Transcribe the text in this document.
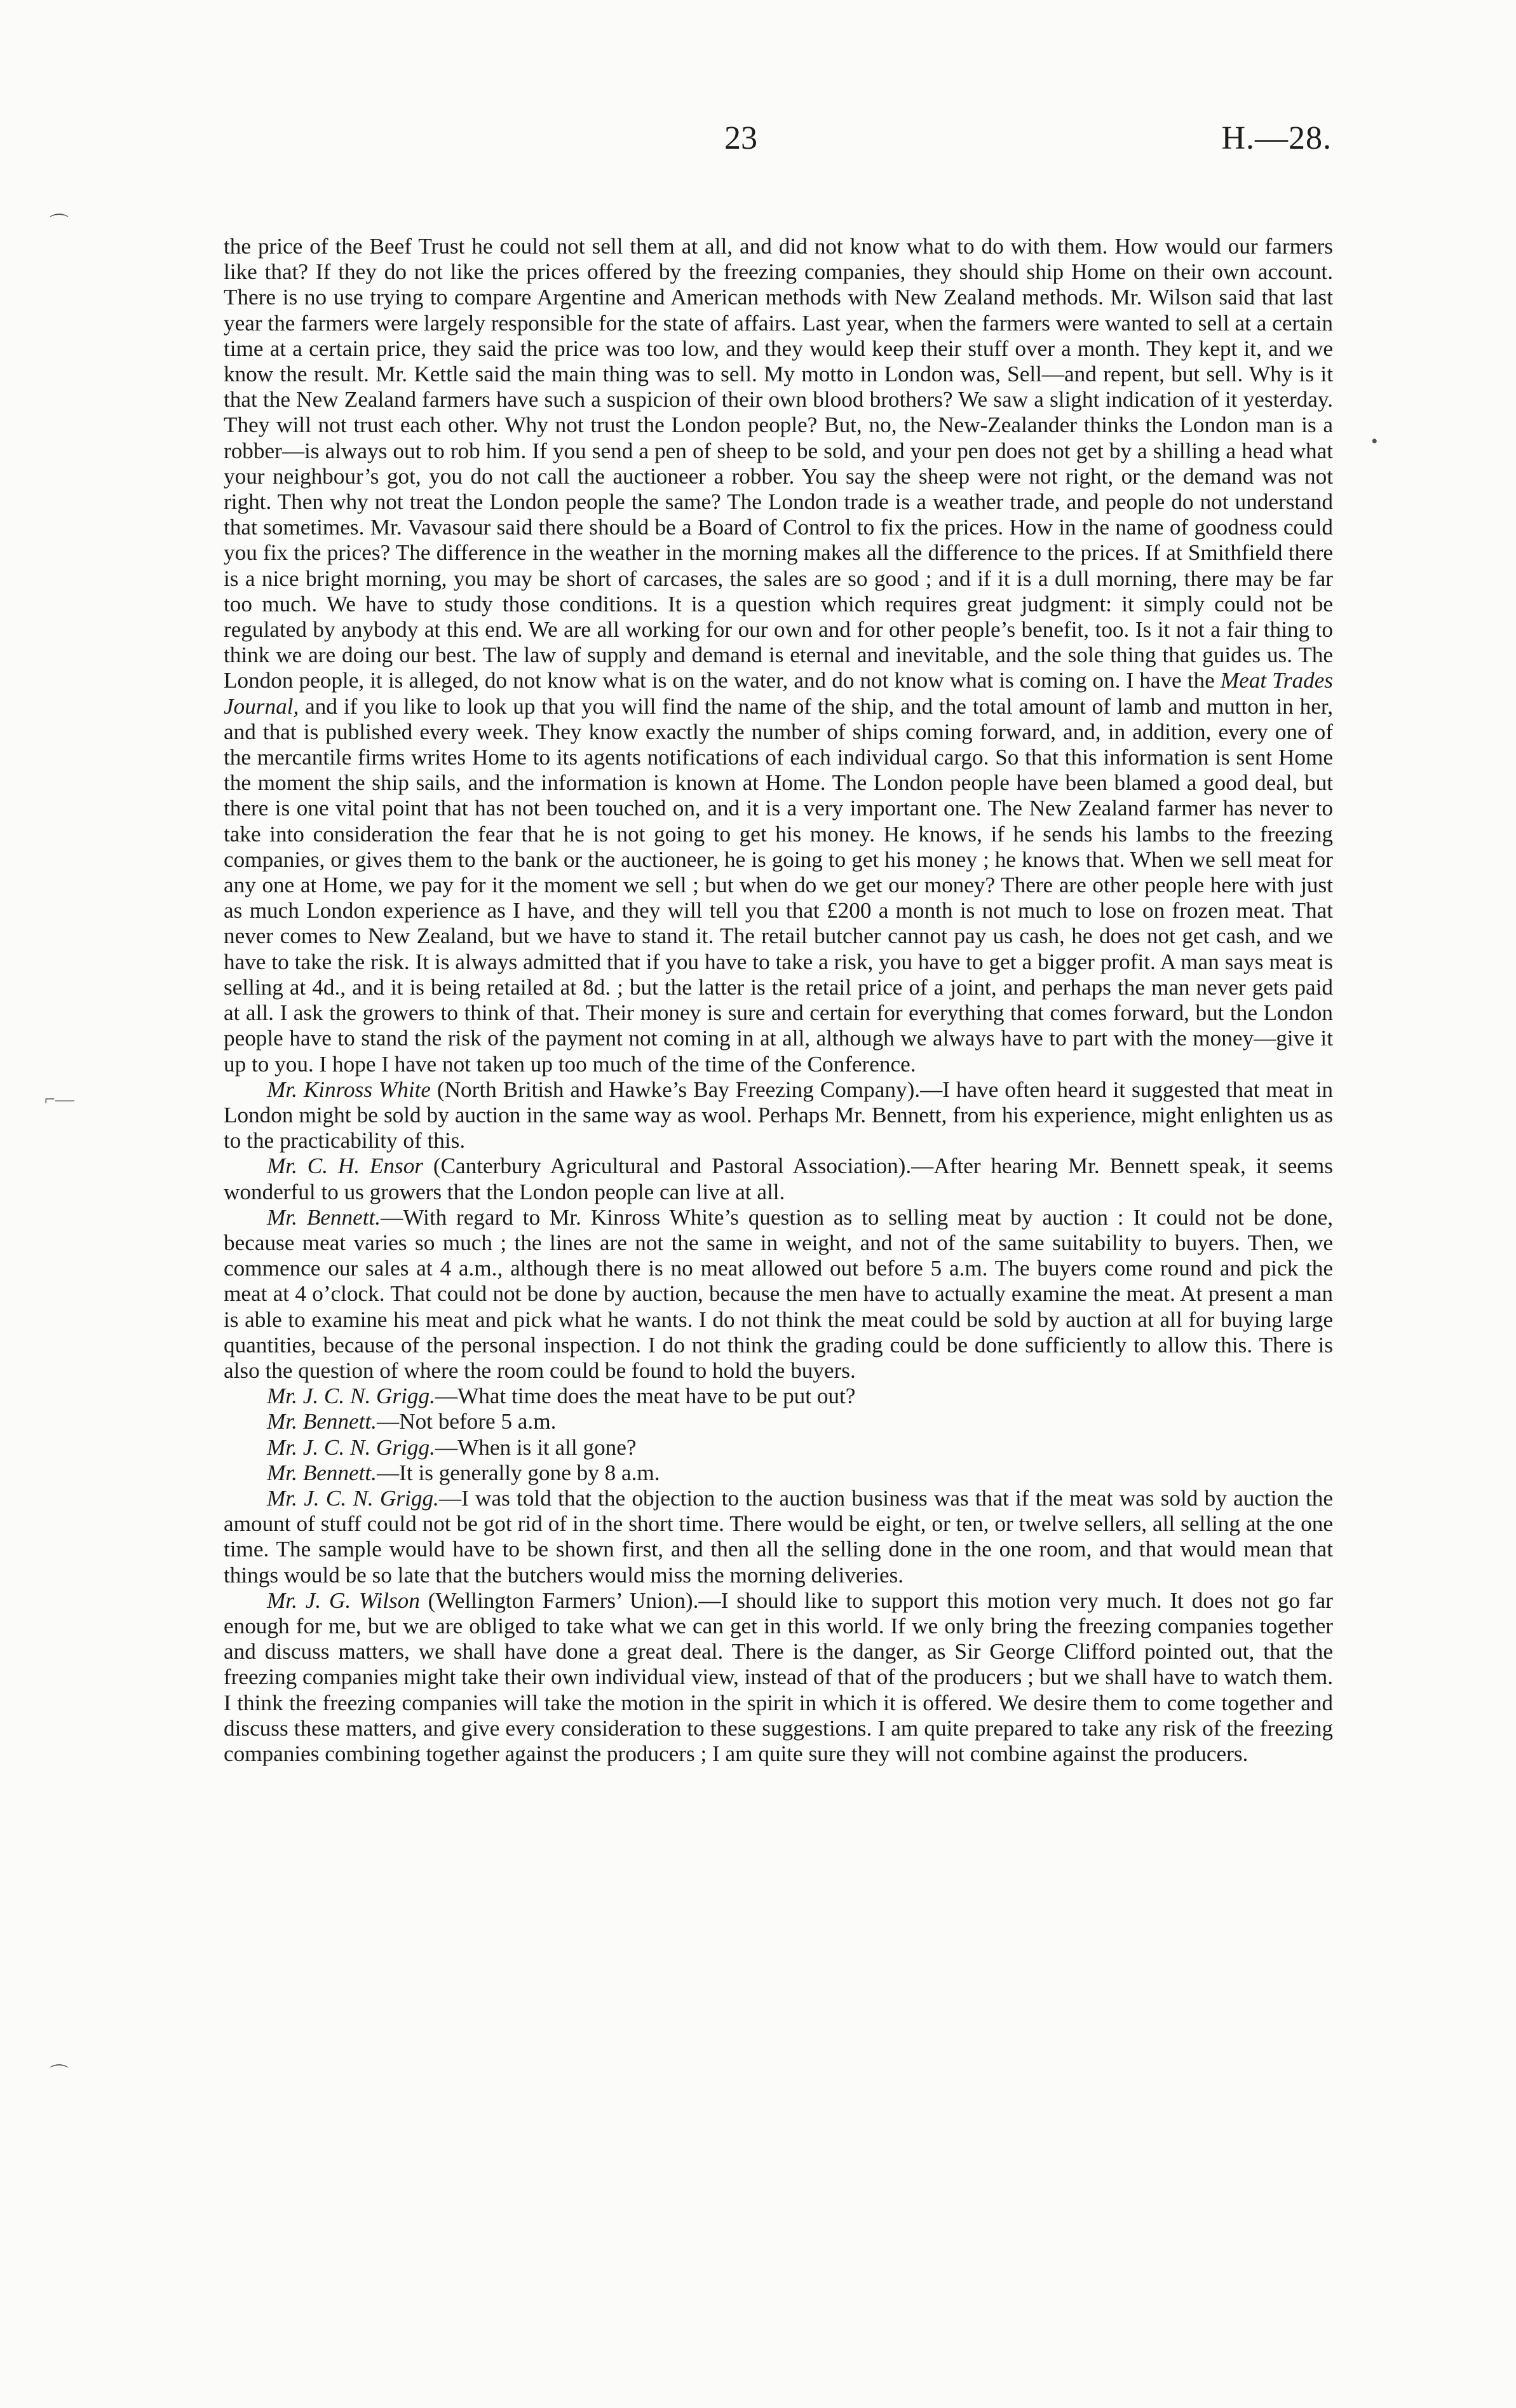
23	H.—28.
⌒
•
⌐—
⌒

the price of the Beef Trust he could not sell them at all, and did not know what to do with them. How would our farmers like that? If they do not like the prices offered by the freezing companies, they should ship Home on their own account. There is no use trying to compare Argentine and American methods with New Zealand methods. Mr. Wilson said that last year the farmers were largely responsible for the state of affairs. Last year, when the farmers were wanted to sell at a certain time at a certain price, they said the price was too low, and they would keep their stuff over a month. They kept it, and we know the result. Mr. Kettle said the main thing was to sell. My motto in London was, Sell—and repent, but sell. Why is it that the New Zealand farmers have such a suspicion of their own blood brothers? We saw a slight indication of it yesterday. They will not trust each other. Why not trust the London people? But, no, the New-Zealander thinks the London man is a robber—is always out to rob him. If you send a pen of sheep to be sold, and your pen does not get by a shilling a head what your neighbour’s got, you do not call the auctioneer a robber. You say the sheep were not right, or the demand was not right. Then why not treat the London people the same? The London trade is a weather trade, and people do not understand that sometimes. Mr. Vavasour said there should be a Board of Control to fix the prices. How in the name of goodness could you fix the prices? The difference in the weather in the morning makes all the difference to the prices. If at Smithfield there is a nice bright morning, you may be short of carcases, the sales are so good ; and if it is a dull morning, there may be far too much. We have to study those conditions. It is a question which requires great judgment: it simply could not be regulated by anybody at this end. We are all working for our own and for other people’s benefit, too. Is it not a fair thing to think we are doing our best. The law of supply and demand is eternal and inevitable, and the sole thing that guides us. The London people, it is alleged, do not know what is on the water, and do not know what is coming on. I have the Meat Trades Journal, and if you like to look up that you will find the name of the ship, and the total amount of lamb and mutton in her, and that is published every week. They know exactly the number of ships coming forward, and, in addition, every one of the mercantile firms writes Home to its agents notifications of each individual cargo. So that this information is sent Home the moment the ship sails, and the information is known at Home. The London people have been blamed a good deal, but there is one vital point that has not been touched on, and it is a very important one. The New Zealand farmer has never to take into consideration the fear that he is not going to get his money. He knows, if he sends his lambs to the freezing companies, or gives them to the bank or the auctioneer, he is going to get his money ; he knows that. When we sell meat for any one at Home, we pay for it the moment we sell ; but when do we get our money? There are other people here with just as much London experience as I have, and they will tell you that £200 a month is not much to lose on frozen meat. That never comes to New Zealand, but we have to stand it. The retail butcher cannot pay us cash, he does not get cash, and we have to take the risk. It is always admitted that if you have to take a risk, you have to get a bigger profit. A man says meat is selling at 4d., and it is being retailed at 8d. ; but the latter is the retail price of a joint, and perhaps the man never gets paid at all. I ask the growers to think of that. Their money is sure and certain for everything that comes forward, but the London people have to stand the risk of the payment not coming in at all, although we always have to part with the money—give it up to you. I hope I have not taken up too much of the time of the Conference.

Mr. Kinross White (North British and Hawke’s Bay Freezing Company).—I have often heard it suggested that meat in London might be sold by auction in the same way as wool. Perhaps Mr. Bennett, from his experience, might enlighten us as to the practicability of this.

Mr. C. H. Ensor (Canterbury Agricultural and Pastoral Association).—After hearing Mr. Bennett speak, it seems wonderful to us growers that the London people can live at all.

Mr. Bennett.—With regard to Mr. Kinross White’s question as to selling meat by auction : It could not be done, because meat varies so much ; the lines are not the same in weight, and not of the same suitability to buyers. Then, we commence our sales at 4 a.m., although there is no meat allowed out before 5 a.m. The buyers come round and pick the meat at 4 o’clock. That could not be done by auction, because the men have to actually examine the meat. At present a man is able to examine his meat and pick what he wants. I do not think the meat could be sold by auction at all for buying large quantities, because of the personal inspection. I do not think the grading could be done sufficiently to allow this. There is also the question of where the room could be found to hold the buyers.

Mr. J. C. N. Grigg.—What time does the meat have to be put out?

Mr. Bennett.—Not before 5 a.m.

Mr. J. C. N. Grigg.—When is it all gone?

Mr. Bennett.—It is generally gone by 8 a.m.

Mr. J. C. N. Grigg.—I was told that the objection to the auction business was that if the meat was sold by auction the amount of stuff could not be got rid of in the short time. There would be eight, or ten, or twelve sellers, all selling at the one time. The sample would have to be shown first, and then all the selling done in the one room, and that would mean that things would be so late that the butchers would miss the morning deliveries.

Mr. J. G. Wilson (Wellington Farmers’ Union).—I should like to support this motion very much. It does not go far enough for me, but we are obliged to take what we can get in this world. If we only bring the freezing companies together and discuss matters, we shall have done a great deal. There is the danger, as Sir George Clifford pointed out, that the freezing companies might take their own individual view, instead of that of the producers ; but we shall have to watch them. I think the freezing companies will take the motion in the spirit in which it is offered. We desire them to come together and discuss these matters, and give every consideration to these suggestions. I am quite prepared to take any risk of the freezing companies combining together against the producers ; I am quite sure they will not combine against the producers.
